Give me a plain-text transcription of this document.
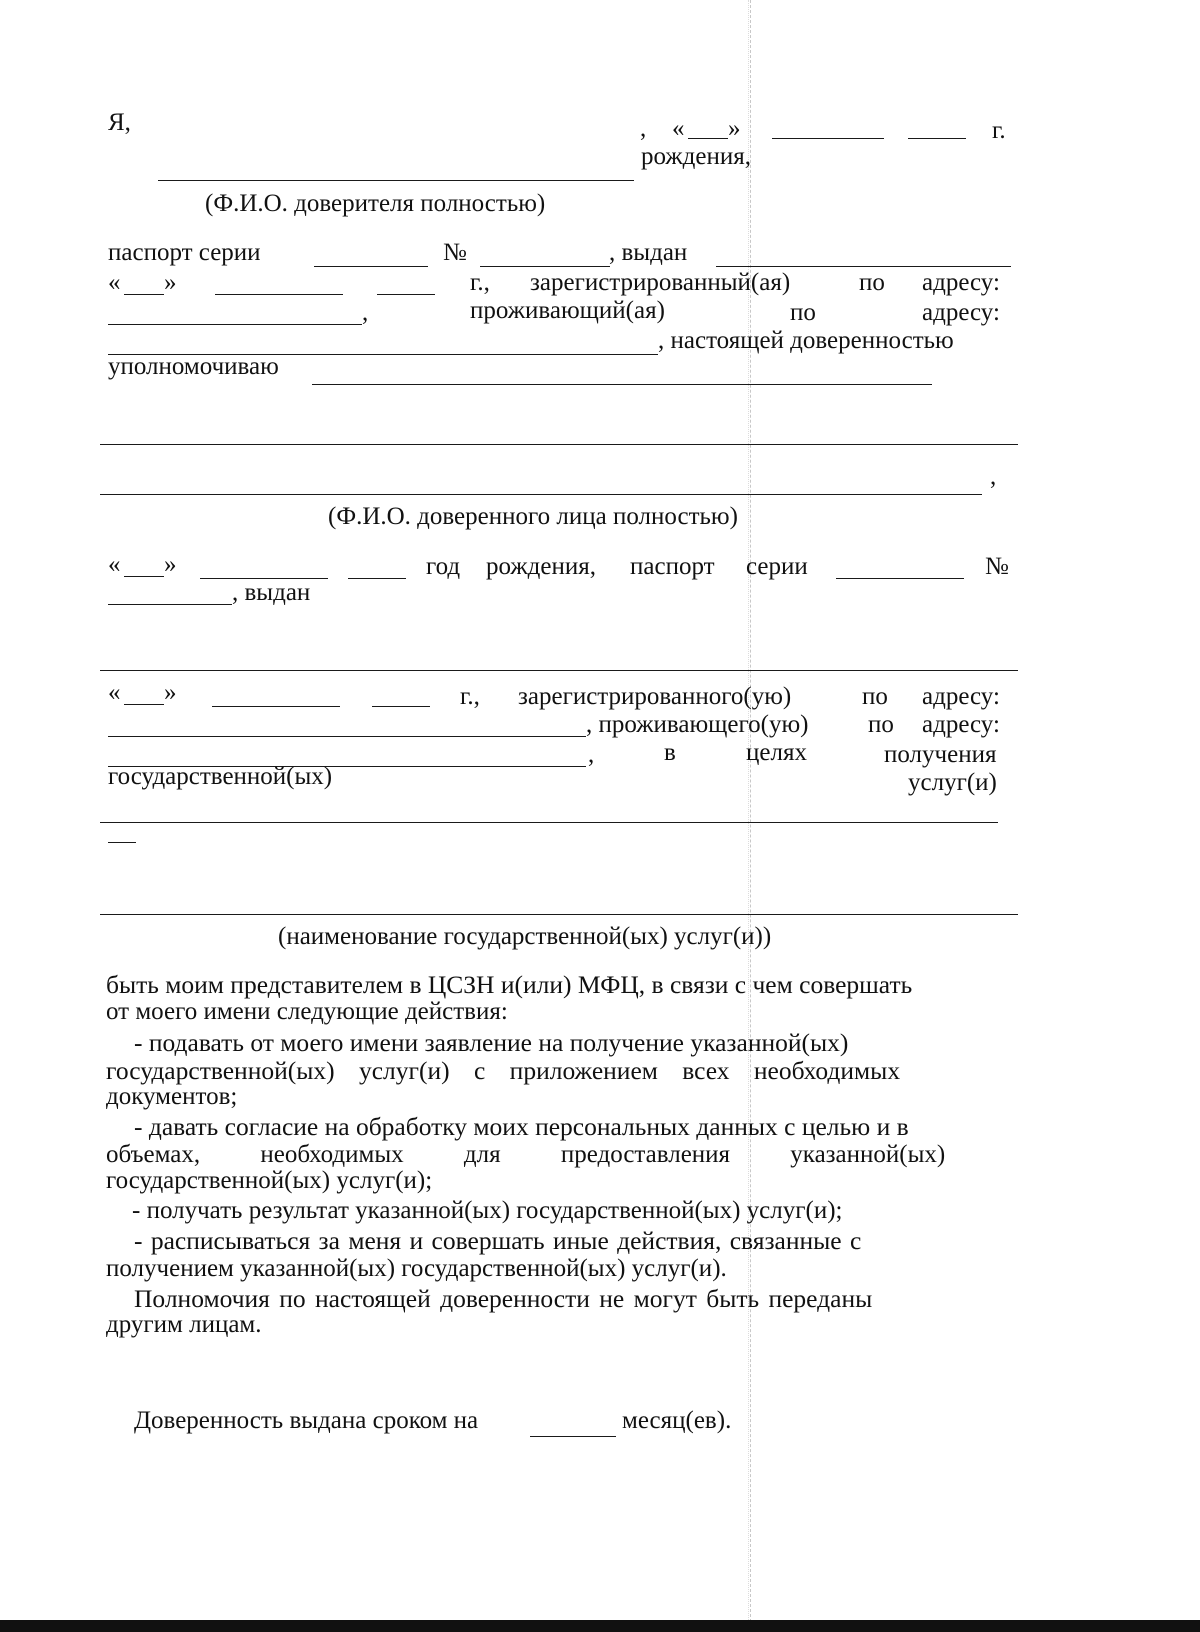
Я,	, « »	г.
рождения,
(Ф.И.О. доверителя полностью)
паспорт серии	№	, выдан
« »	г., зарегистрированный(ая)	по адресу:
,	проживающий(ая)	по	адресу:
, настоящей доверенностью
уполномочиваю
,
(Ф.И.О. доверенного лица полностью)
« »	год рождения, паспорт серии	№
, выдан
« »	г., зарегистрированного(ую)	по адресу:
, проживающего(ую) по адресу:
,	в	целях	получения
государственной(ых)	услуг(и)
(наименование государственной(ых) услуг(и))
быть моим представителем в ЦСЗН и(или) МФЦ, в связи с чем совершать
от моего имени следующие действия:
- подавать от моего имени заявление на получение указанной(ых)
государственной(ых) услуг(и) с приложением всех необходимых
документов;
- давать согласие на обработку моих персональных данных с целью и в
объемах, необходимых для предоставления указанной(ых)
государственной(ых) услуг(и);
- получать результат указанной(ых) государственной(ых) услуг(и);
- расписываться за меня и совершать иные действия, связанные с
получением указанной(ых) государственной(ых) услуг(и).
Полномочия по настоящей доверенности не могут быть переданы
другим лицам.
Доверенность выдана сроком на	месяц(ев).
